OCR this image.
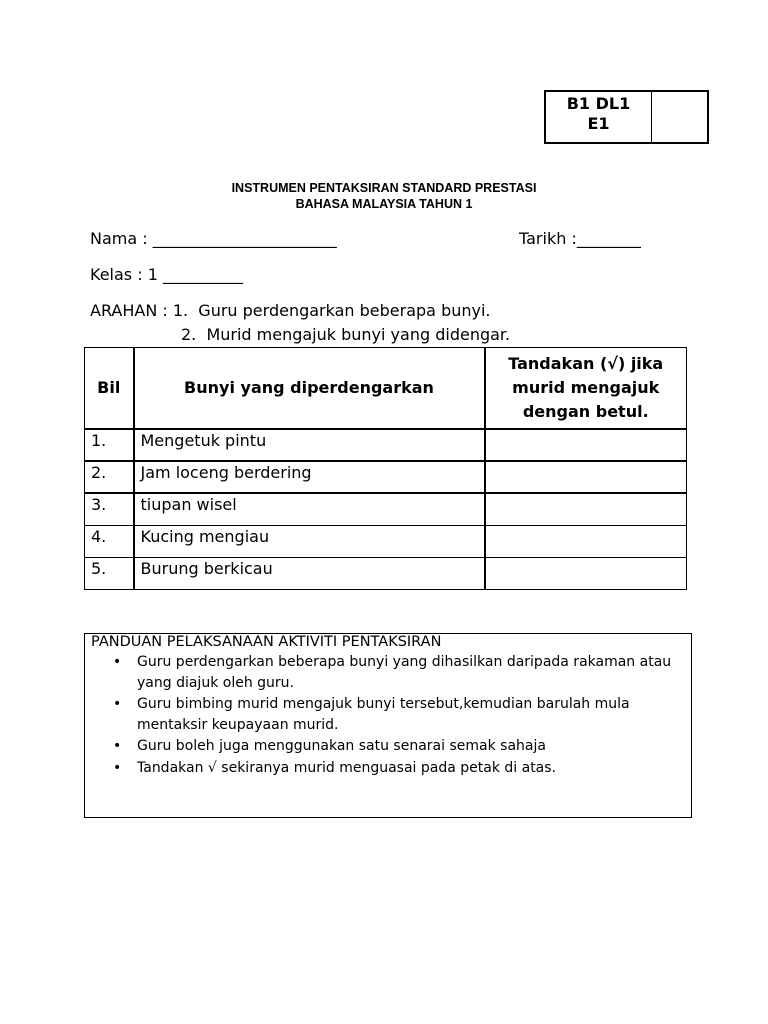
B1 DL1
E1
INSTRUMEN PENTAKSIRAN STANDARD PRESTASI
BAHASA MALAYSIA TAHUN 1
Nama : _______________________	Tarikh :________
Kelas : 1 __________
ARAHAN : 1.  Guru perdengarkan beberapa bunyi.
2.  Murid mengajuk bunyi yang didengar.
Bil	Bunyi yang diperdengarkan	Tandakan (√) jika murid mengajuk dengan betul.
1.	Mengetuk pintu	
2.	Jam loceng berdering	
3.	tiupan wisel	
4.	Kucing mengiau	
5.	Burung berkicau	
PANDUAN PELAKSANAAN AKTIVITI PENTAKSIRAN
• Guru perdengarkan beberapa bunyi yang dihasilkan daripada rakaman atau yang diajuk oleh guru.
• Guru bimbing murid mengajuk bunyi tersebut,kemudian barulah mula mentaksir keupayaan murid.
• Guru boleh juga menggunakan satu senarai semak sahaja
• Tandakan √ sekiranya murid menguasai pada petak di atas.
